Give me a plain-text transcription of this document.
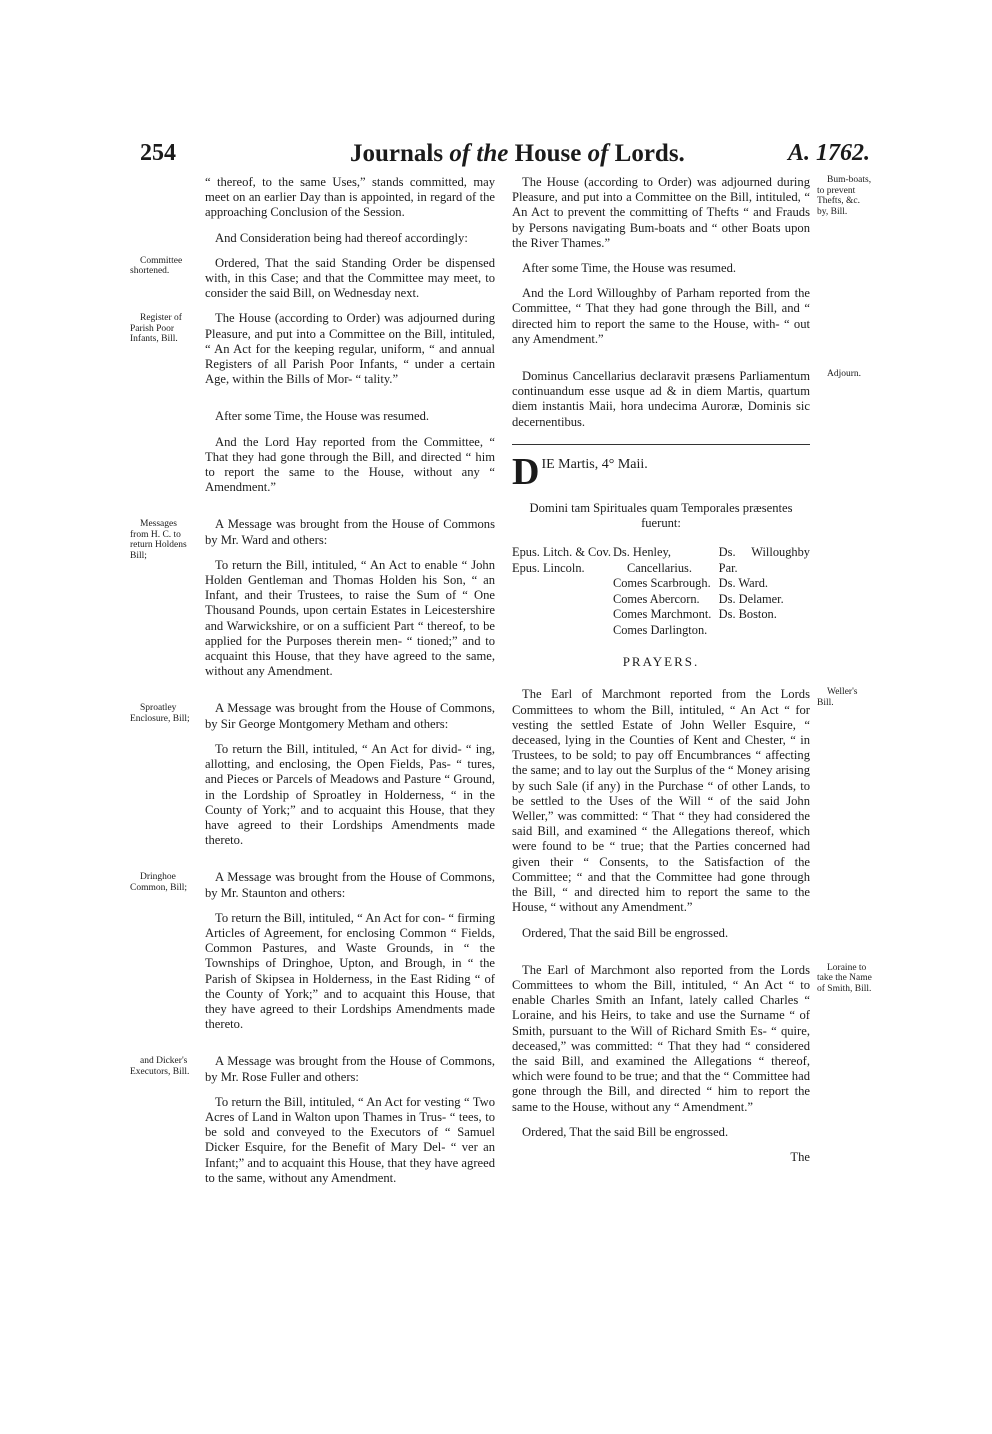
254	Journals of the House of Lords.	A. 1762.

“ thereof, to the same Uses,” stands committed, may meet on an earlier Day than is appointed, in regard of the approaching Conclusion of the Session.

And Consideration being had thereof accordingly:

Committee shortened.
Ordered, That the said Standing Order be dispensed with, in this Case; and that the Committee may meet, to consider the said Bill, on Wednesday next.
Register of Parish Poor Infants, Bill.
The House (according to Order) was adjourned during Pleasure, and put into a Committee on the Bill, intituled, “ An Act for the keeping regular, uniform, “ and annual Registers of all Parish Poor Infants, “ under a certain Age, within the Bills of Mor- “ tality.”

After some Time, the House was resumed.

And the Lord Hay reported from the Committee, “ That they had gone through the Bill, and directed “ him to report the same to the House, without any “ Amendment.”

Messages from H. C. to return Holdens Bill;
A Message was brought from the House of Commons by Mr. Ward and others:

To return the Bill, intituled, “ An Act to enable “ John Holden Gentleman and Thomas Holden his Son, “ an Infant, and their Trustees, to raise the Sum of “ One Thousand Pounds, upon certain Estates in Leicestershire and Warwickshire, or on a sufficient Part “ thereof, to be applied for the Purposes therein men- “ tioned;” and to acquaint this House, that they have agreed to the same, without any Amendment.

Sproatley Enclosure, Bill;
A Message was brought from the House of Commons, by Sir George Montgomery Metham and others:

To return the Bill, intituled, “ An Act for divid- “ ing, allotting, and enclosing, the Open Fields, Pas- “ tures, and Pieces or Parcels of Meadows and Pasture “ Ground, in the Lordship of Sproatley in Holderness, “ in the County of York;” and to acquaint this House, that they have agreed to their Lordships Amendments made thereto.

Dringhoe Common, Bill;
A Message was brought from the House of Commons, by Mr. Staunton and others:

To return the Bill, intituled, “ An Act for con- “ firming Articles of Agreement, for enclosing Common “ Fields, Common Pastures, and Waste Grounds, in “ the Townships of Dringhoe, Upton, and Brough, in “ the Parish of Skipsea in Holderness, in the East Riding “ of the County of York;” and to acquaint this House, that they have agreed to their Lordships Amendments made thereto.

and Dicker's Executors, Bill.
A Message was brought from the House of Commons, by Mr. Rose Fuller and others:

To return the Bill, intituled, “ An Act for vesting “ Two Acres of Land in Walton upon Thames in Trus- “ tees, to be sold and conveyed to the Executors of “ Samuel Dicker Esquire, for the Benefit of Mary Del- “ ver an Infant;” and to acquaint this House, that they have agreed to the same, without any Amendment.

Bum-boats, to prevent Thefts, &c. by, Bill.
The House (according to Order) was adjourned during Pleasure, and put into a Committee on the Bill, intituled, “ An Act to prevent the committing of Thefts “ and Frauds by Persons navigating Bum-boats and “ other Boats upon the River Thames.”

After some Time, the House was resumed.

And the Lord Willoughby of Parham reported from the Committee, “ That they had gone through the Bill, and “ directed him to report the same to the House, with- “ out any Amendment.”

Adjourn.
Dominus Cancellarius declaravit præsens Parliamentum continuandum esse usque ad & in diem Martis, quartum diem instantis Maii, hora undecima Auroræ, Dominis sic decernentibus.
D IE Martis, 4° Maii.

Domini tam Spirituales quam Temporales præsentes fuerunt:

Epus. Litch. & Cov.
Epus. Lincoln.
Ds. Henley,
Cancellarius.
Comes Scarbrough.
Comes Abercorn.
Comes Marchmont.
Comes Darlington.
Ds. Willoughby Par.
Ds. Ward.
Ds. Delamer.
Ds. Boston.
PRAYERS.
Weller's Bill.
The Earl of Marchmont reported from the Lords Committees to whom the Bill, intituled, “ An Act “ for vesting the settled Estate of John Weller Esquire, “ deceased, lying in the Counties of Kent and Chester, “ in Trustees, to be sold; to pay off Encumbrances “ affecting the same; and to lay out the Surplus of the “ Money arising by such Sale (if any) in the Purchase “ of other Lands, to be settled to the Uses of the Will “ of the said John Weller,” was committed: “ That “ they had considered the said Bill, and examined “ the Allegations thereof, which were found to be “ true; that the Parties concerned had given their “ Consents, to the Satisfaction of the Committee; “ and that the Committee had gone through the Bill, “ and directed him to report the same to the House, “ without any Amendment.”

Ordered, That the said Bill be engrossed.

Loraine to take the Name of Smith, Bill.
The Earl of Marchmont also reported from the Lords Committees to whom the Bill, intituled, “ An Act “ to enable Charles Smith an Infant, lately called Charles “ Loraine, and his Heirs, to take and use the Surname “ of Smith, pursuant to the Will of Richard Smith Es- “ quire, deceased,” was committed: “ That they had “ considered the said Bill, and examined the Allegations “ thereof, which were found to be true; and that the “ Committee had gone through the Bill, and directed “ him to report the same to the House, without any “ Amendment.”

Ordered, That the said Bill be engrossed.

The
